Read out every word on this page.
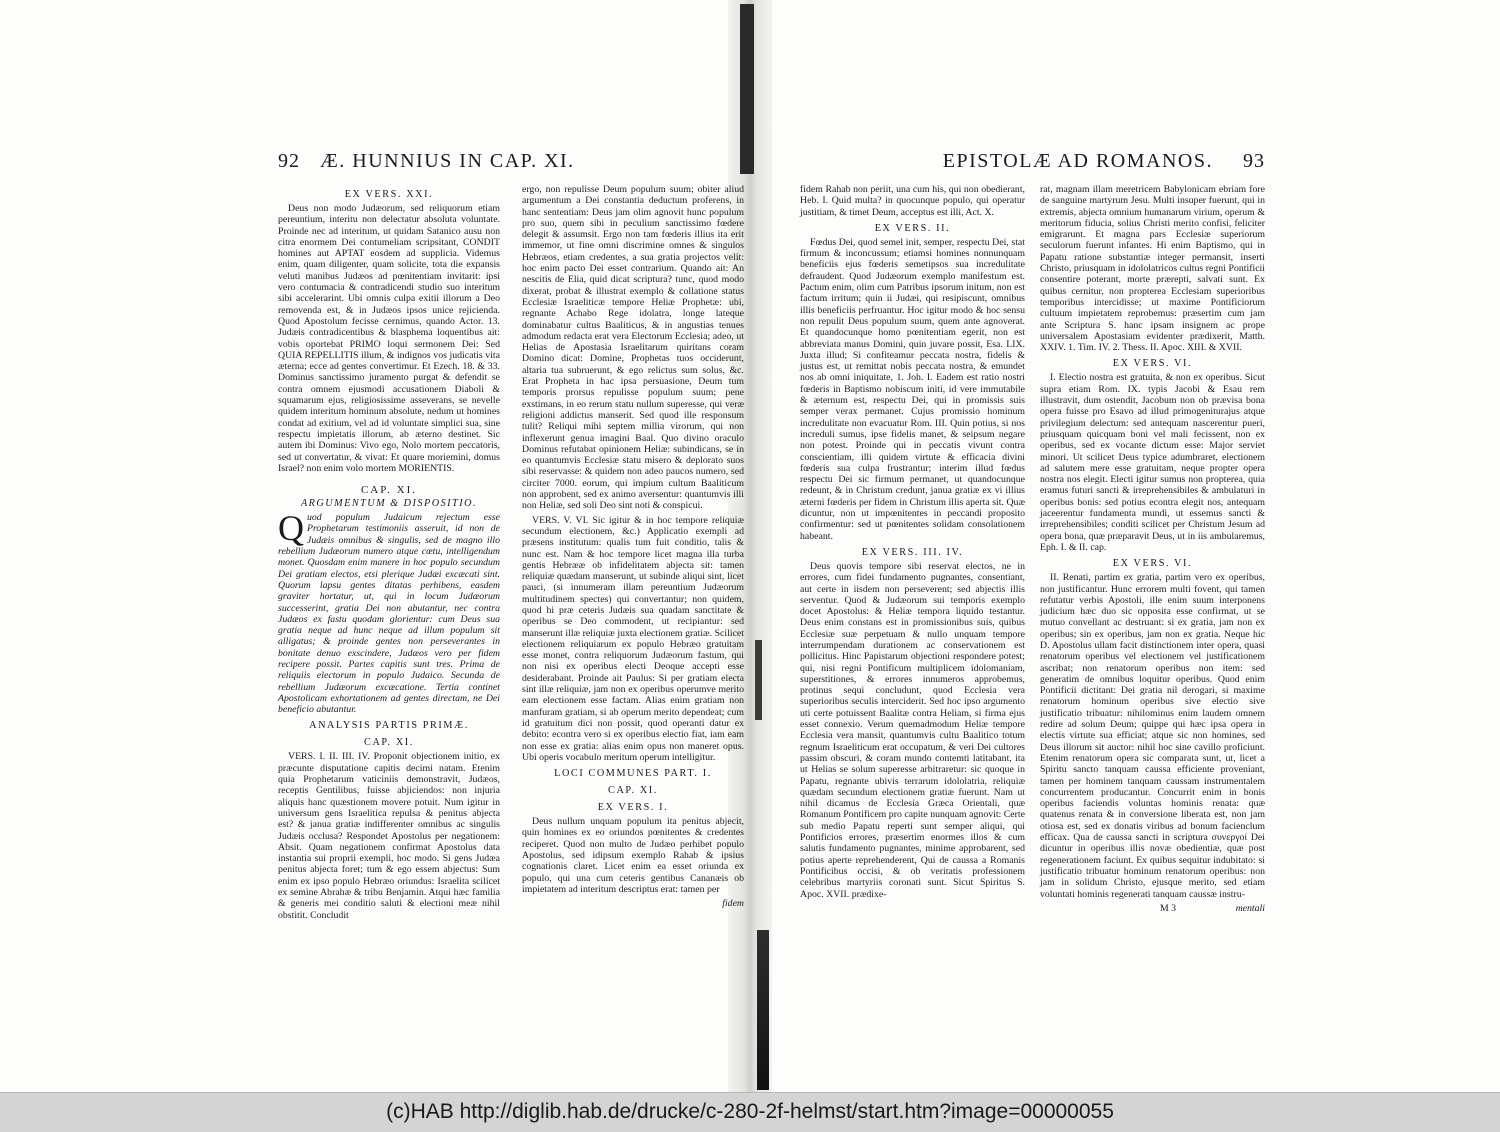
92 Æ. HUNNIUS IN CAP. XI.
EX VERS. XXI.

Deus non modo Judæorum, sed reliquorum etiam pereuntium, interitu non delectatur absoluta voluntate. Proinde nec ad interitum, ut quidam Satanico ausu non citra enormem Dei contumeliam scripsitant, CONDIT homines aut APTAT eosdem ad supplicia. Videmus enim, quam diligenter, quam solicite, tota die expansis veluti manibus Judæos ad pœnitentiam invitarit: ipsi vero contumacia & contradicendi studio suo interitum sibi accelerarint. Ubi omnis culpa exitii illorum a Deo removenda est, & in Judæos ipsos unice rejicienda. Quod Apostolum fecisse cernimus, quando Actor. 13. Judæis contradicentibus & blasphema loquentibus ait: vobis oportebat PRIMO loqui sermonem Dei: Sed QUIA REPELLITIS illum, & indignos vos judicatis vita æterna; ecce ad gentes convertimur. Et Ezech. 18. & 33. Dominus sanctissimo juramento purgat & defendit se contra omnem ejusmodi accusationem Diaboli & squamarum ejus, religiosissime asseverans, se nevelle quidem interitum hominum absolute, nedum ut homines condat ad exitium, vel ad id voluntate simplici sua, sine respectu impietatis illorum, ab æterno destinet. Sic autem ibi Dominus: Vivo ego, Nolo mortem peccatoris, sed ut convertatur, & vivat: Et quare moriemini, domus Israel? non enim volo mortem MORIENTIS.

CAP. XI.
ARGUMENTUM & DISPOSITIO.

Quod populum Judaicum rejectum esse Prophetarum testimoniis asseruit, id non de Judæis omnibus & singulis, sed de magno illo rebellium Judæorum numero atque cœtu, intelligendum monet. Quosdam enim manere in hoc populo secundum Dei gratiam electos, etsi plerique Judæi excæcati sint. Quorum lapsu gentes ditatas perhibens, easdem graviter hortatur, ut, qui in locum Judæorum successerint, gratia Dei non abutantur, nec contra Judæos ex fastu quodam glorientur: cum Deus sua gratia neque ad hunc neque ad illum populum sit alligatus; & proinde gentes non perseverantes in bonitate denuo exscindere, Judæos vero per fidem recipere possit. Partes capitis sunt tres. Prima de reliquiis electorum in populo Judaico. Secunda de rebellium Judæorum excæcatione. Tertia continet Apostolicam exhortationem ad gentes directam, ne Dei beneficio abutantur.

ANALYSIS PARTIS PRIMÆ.
CAP. XI.

VERS. I. II. III. IV. Proponit objectionem initio, ex præcunte disputatione capitis decimi natam. Etenim quia Prophetarum vaticiniis demonstravit, Judæos, receptis Gentilibus, fuisse abjiciendos: non injuria aliquis hanc quæstionem movere potuit. Num igitur in universum gens Israelitica repulsa & penitus abjecta est? & janua gratiæ indifferenter omnibus ac singulis Judæis occlusa? Respondet Apostolus per negationem: Absit. Quam negationem confirmat Apostolus data instantia sui proprii exempli, hoc modo. Si gens Judæa penitus abjecta foret; tum & ego essem abjectus: Sum enim ex ipso populo Hebræo oriundus: Israelita scilicet ex semine Abrahæ & tribu Benjamin. Atqui hæc familia & generis mei conditio saluti & electioni meæ nihil obstitit. Concludit

ergo, non repulisse Deum populum suum; obiter aliud argumentum a Dei constantia deductum proferens, in hanc sententiam: Deus jam olim agnovit hunc populum pro suo, quem sibi in peculium sanctissimo fœdere delegit & assumsit. Ergo non tam fœderis illius ita erit immemor, ut fine omni discrimine omnes & singulos Hebræos, etiam credentes, a sua gratia projectos velit: hoc enim pacto Dei esset contrarium. Quando ait: An nescitis de Elia, quid dicat scriptura? tunc, quod modo dixerat, probat & illustrat exemplo & collatione status Ecclesiæ Israeliticæ tempore Heliæ Prophetæ: ubi, regnante Achabo Rege idolatra, longe lateque dominabatur cultus Baaliticus, & in angustias tenues admodum redacta erat vera Electorum Ecclesia; adeo, ut Helias de Apostasia Israelitarum quiritans coram Domino dicat: Domine, Prophetas tuos occiderunt, altaria tua subruerunt, & ego relictus sum solus, &c. Erat Propheta in hac ipsa persuasione, Deum tum temporis prorsus repulisse populum suum; pene exstimans, in eo rerum statu nullum superesse, qui veræ religioni addictus manserit. Sed quod ille responsum tulit? Reliqui mihi septem millia virorum, qui non inflexerunt genua imagini Baal. Quo divino oraculo Dominus refutabat opinionem Heliæ: subindicans, se in eo quantumvis Ecclesiæ statu misero & deplorato suos sibi reservasse: & quidem non adeo paucos numero, sed circiter 7000. eorum, qui impium cultum Baaliticum non approbent, sed ex animo aversentur: quantumvis illi non Heliæ, sed soli Deo sint noti & conspicui.

VERS. V. VI. Sic igitur & in hoc tempore reliquiæ secundum electionem, &c.) Applicatio exempli ad præsens institutum: qualis tum fuit conditio, talis & nunc est. Nam & hoc tempore licet magna illa turba gentis Hebrææ ob infidelitatem abjecta sit: tamen reliquiæ quædam manserunt, ut subinde aliqui sint, licet pauci, (si innumeram illam pereuntium Judæorum multitudinem spectes) qui convertantur; non quidem, quod hi præ ceteris Judæis sua quadam sanctitate & operibus se Deo commodent, ut recipiantur: sed manserunt illæ reliquiæ juxta electionem gratiæ. Scilicet electionem reliquiarum ex populo Hebræo gratuitam esse monet, contra reliquorum Judæorum fastum, qui non nisi ex operibus electi Deoque accepti esse desiderabant. Proinde ait Paulus: Si per gratiam electa sint illæ reliquiæ, jam non ex operibus operumve merito eam electionem esse factam. Alias enim gratiam non manfuram gratiam, si ab operum merito dependeat; cum id gratuitum dici non possit, quod operanti datur ex debito: econtra vero si ex operibus electio fiat, iam eam non esse ex gratia: alias enim opus non maneret opus. Ubi operis vocabulo meritum operum intelligitur.

LOCI COMMUNES PART. I.
CAP. XI.
EX VERS. I.

Deus nullum unquam populum ita penitus abjecit, quin homines ex eo oriundos pœnitentes & credentes reciperet. Quod non multo de Judæo perhibet populo Apostolus, sed idipsum exemplo Rahab & ipsius cognationis claret. Licet enim ea esset oriunda ex populo, qui una cum ceteris gentibus Cananæis ob impietatem ad interitum descriptus erat: tamen per

fidem
EPISTOLÆ AD ROMANOS. 93

fidem Rahab non periit, una cum his, qui non obedierant, Heb. I. Quid multa? in quocunque populo, qui operatur justitiam, & timet Deum, acceptus est illi, Act. X.

EX VERS. II.

Fœdus Dei, quod semel init, semper, respectu Dei, stat firmum & inconcussum; etiamsi homines nonnunquam beneficiis ejus fœderis semetipsos sua incredulitate defraudent. Quod Judæorum exemplo manifestum est. Pactum enim, olim cum Patribus ipsorum initum, non est factum irritum; quin ii Judæi, qui resipiscunt, omnibus illis beneficiis perfruantur. Hoc igitur modo & hoc sensu non repulit Deus populum suum, quem ante agnoverat. Et quandocunque homo pœnitentiam egerit, non est abbreviata manus Domini, quin juvare possit, Esa. LIX. Juxta illud; Si confiteamur peccata nostra, fidelis & justus est, ut remittat nobis peccata nostra, & emundet nos ab omni iniquitate, 1. Joh. I. Eadem est ratio nostri fœderis in Baptismo nobiscum initi, id vere immutabile & æternum est, respectu Dei, qui in promissis suis semper verax permanet. Cujus promissio hominum incredulitate non evacuatur Rom. III. Quin potius, si nos increduli sumus, ipse fidelis manet, & seipsum negare non potest. Proinde qui in peccatis vivunt contra conscientiam, illi quidem virtute & efficacia divini fœderis sua culpa frustrantur; interim illud fœdus respectu Dei sic firmum permanet, ut quandocunque redeunt, & in Christum credunt, janua gratiæ ex vi illius æterni fœderis per fidem in Christum illis aperta sit. Quæ dicuntur, non ut impœnitentes in peccandi proposito confirmentur: sed ut pœnitentes solidam consolationem habeant.

EX VERS. III. IV.

Deus quovis tempore sibi reservat electos, ne in errores, cum fidei fundamento pugnantes, consentiant, aut certe in iisdem non perseverent; sed abjectis illis serventur. Quod & Judæorum sui temporis exemplo docet Apostolus: & Heliæ tempora liquido testantur. Deus enim constans est in promissionibus suis, quibus Ecclesiæ suæ perpetuam & nullo unquam tempore interrumpendam durationem ac conservationem est pollicitus. Hinc Papistarum objectioni respondere potest; qui, nisi regni Pontificum multiplicem idolomaniam, superstitiones, & errores innumeros approbemus, protinus sequi concludunt, quod Ecclesia vera superioribus seculis interciderit. Sed hoc ipso argumento uti certe potuissent Baalitæ contra Heliam, si firma ejus esset connexio. Verum quemadmodum Heliæ tempore Ecclesia vera mansit, quantumvis cultu Baalitico totum regnum Israeliticum erat occupatum, & veri Dei cultores passim obscuri, & coram mundo contemti latitabant, ita ut Helias se solum superesse arbitraretur: sic quoque in Papatu, regnante ubivis terrarum idololatria, reliquiæ quædam secundum electionem gratiæ fuerunt. Nam ut nihil dicamus de Ecclesia Græca Orientali, quæ Romanum Pontificem pro capite nunquam agnovit: Certe sub medio Papatu reperti sunt semper aliqui, qui Pontificios errores, præsertim enormes illos & cum salutis fundamento pugnantes, minime approbarent, sed potius aperte reprehenderent, Qui de caussa a Romanis Pontificibus occisi, & ob veritatis professionem celebribus martyriis coronati sunt. Sicut Spiritus S. Apoc. XVII. prædixe-

rat, magnam illam meretricem Babylonicam ebriam fore de sanguine martyrum Jesu. Multi insuper fuerunt, qui in extremis, abjecta omnium humanarum virium, operum & meritorum fiducia, solius Christi merito confisi, feliciter emigrarunt. Et magna pars Ecclesiæ superiorum seculorum fuerunt infantes. Hi enim Baptismo, qui in Papatu ratione substantiæ integer permansit, inserti Christo, priusquam in idololatricos cultus regni Pontificii consentire poterant, morte prærepti, salvati sunt. Ex quibus cernitur, non propterea Ecclesiam superioribus temporibus intercidisse; ut maxime Pontificiorum cultuum impietatem reprobemus: præsertim cum jam ante Scriptura S. hanc ipsam insignem ac prope universalem Apostasiam evidenter prædixerit, Matth. XXIV. 1. Tim. IV. 2. Thess. II. Apoc. XIII. & XVII.

EX VERS. VI.

I. Electio nostra est gratuita, & non ex operibus. Sicut supra etiam Rom. IX. typis Jacobi & Esau rem illustravit, dum ostendit, Jacobum non ob prævisa bona opera fuisse pro Esavo ad illud primogeniturajus atque privilegium delectum: sed antequam nascerentur pueri, priusquam quicquam boni vel mali fecissent, non ex operibus, sed ex vocante dictum esse: Major serviet minori. Ut scilicet Deus typice adumbraret, electionem ad salutem mere esse gratuitam, neque propter opera nostra nos elegit. Electi igitur sumus non propterea, quia eramus futuri sancti & irreprehensibiles & ambulaturi in operibus bonis: sed potius econtra elegit nos, antequam jaceerentur fundamenta mundi, ut essemus sancti & irreprehensibiles; conditi scilicet per Christum Jesum ad opera bona, quæ præparavit Deus, ut in iis ambularemus, Eph. I. & II. cap.

EX VERS. VI.

II. Renati, partim ex gratia, partim vero ex operibus, non justificantur. Hunc errorem multi fovent, qui tamen refutatur verbis Apostoli, ille enim suum interponens judicium hæc duo sic opposita esse confirmat, ut se mutuo convellant ac destruant: si ex gratia, jam non ex operibus; sin ex operibus, jam non ex gratia. Neque hic D. Apostolus ullam facit distinctionem inter opera, quasi renatorum operibus vel electionem vel justificationem ascribat; non renatorum operibus non item: sed generatim de omnibus loquitur operibus. Quod enim Pontificii dictitant: Dei gratia nil derogari, si maxime renatorum hominum operibus sive electio sive justificatio tribuatur: nihilominus enim laudem omnem redire ad solum Deum; quippe qui hæc ipsa opera in electis virtute sua efficiat; atque sic non homines, sed Deus illorum sit auctor: nihil hoc sine cavillo proficiunt. Etenim renatorum opera sic comparata sunt, ut, licet a Spiritu sancto tanquam caussa efficiente proveniant, tamen per hominem tanquam caussam instrumentalem concurrentem producantur. Concurrit enim in bonis operibus faciendis voluntas hominis renata: quæ quatenus renata & in conversione liberata est, non jam otiosa est, sed ex donatis viribus ad bonum facienclum efficax. Qua de caussa sancti in scriptura συνεργοί Dei dicuntur in operibus illis novæ obedientiæ, quæ post regenerationem faciunt. Ex quibus sequitur indubitato: si justificatio tribuatur hominum renatorum operibus: non jam in solidum Christo, ejusque merito, sed etiam voluntati hominis regenerati tanquam caussæ instru-

M 3	mentali
(c)HAB http://diglib.hab.de/drucke/c-280-2f-helmst/start.htm?image=00000055
